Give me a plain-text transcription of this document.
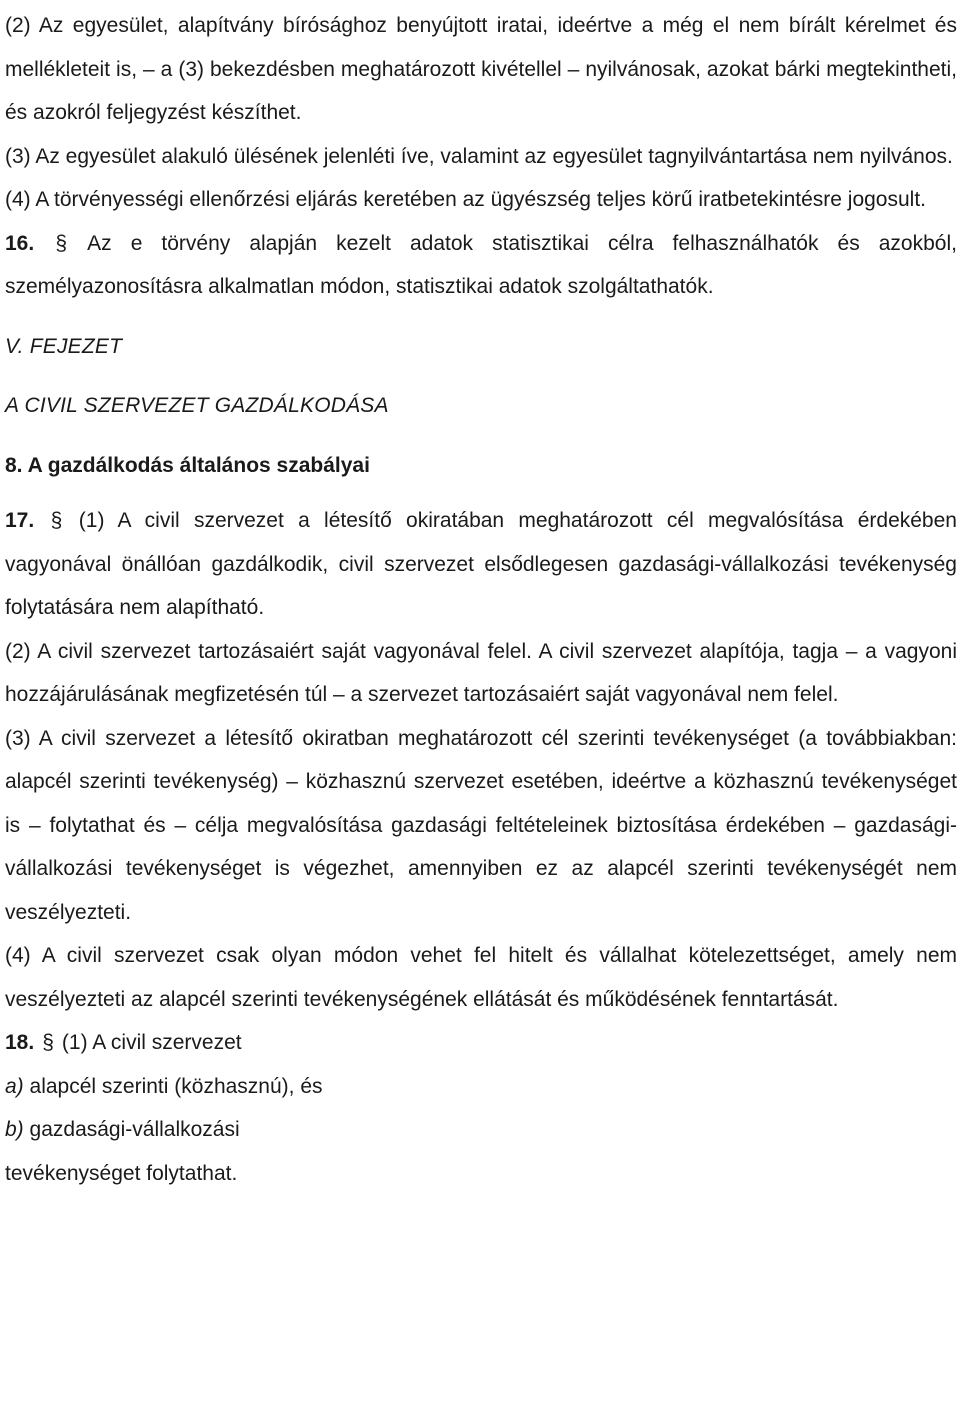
(2) Az egyesület, alapítvány bírósághoz benyújtott iratai, ideértve a még el nem bírált kérelmet és mellékleteit is, – a (3) bekezdésben meghatározott kivétellel – nyilvánosak, azokat bárki megtekintheti, és azokról feljegyzést készíthet.

(3) Az egyesület alakuló ülésének jelenléti íve, valamint az egyesület tagnyilvántartása nem nyilvános.

(4) A törvényességi ellenőrzési eljárás keretében az ügyészség teljes körű iratbetekintésre jogosult.

16. § Az e törvény alapján kezelt adatok statisztikai célra felhasználhatók és azokból, személyazonosításra alkalmatlan módon, statisztikai adatok szolgáltathatók.

V. FEJEZET

A CIVIL SZERVEZET GAZDÁLKODÁSA

8. A gazdálkodás általános szabályai

17. § (1) A civil szervezet a létesítő okiratában meghatározott cél megvalósítása érdekében vagyonával önállóan gazdálkodik, civil szervezet elsődlegesen gazdasági-vállalkozási tevékenység folytatására nem alapítható.

(2) A civil szervezet tartozásaiért saját vagyonával felel. A civil szervezet alapítója, tagja – a vagyoni hozzájárulásának megfizetésén túl – a szervezet tartozásaiért saját vagyonával nem felel.

(3) A civil szervezet a létesítő okiratban meghatározott cél szerinti tevékenységet (a továbbiakban: alapcél szerinti tevékenység) – közhasznú szervezet esetében, ideértve a közhasznú tevékenységet is – folytathat és – célja megvalósítása gazdasági feltételeinek biztosítása érdekében – gazdasági-vállalkozási tevékenységet is végezhet, amennyiben ez az alapcél szerinti tevékenységét nem veszélyezteti.

(4) A civil szervezet csak olyan módon vehet fel hitelt és vállalhat kötelezettséget, amely nem veszélyezteti az alapcél szerinti tevékenységének ellátását és működésének fenntartását.

18. § (1) A civil szervezet

a) alapcél szerinti (közhasznú), és

b) gazdasági-vállalkozási

tevékenységet folytathat.
